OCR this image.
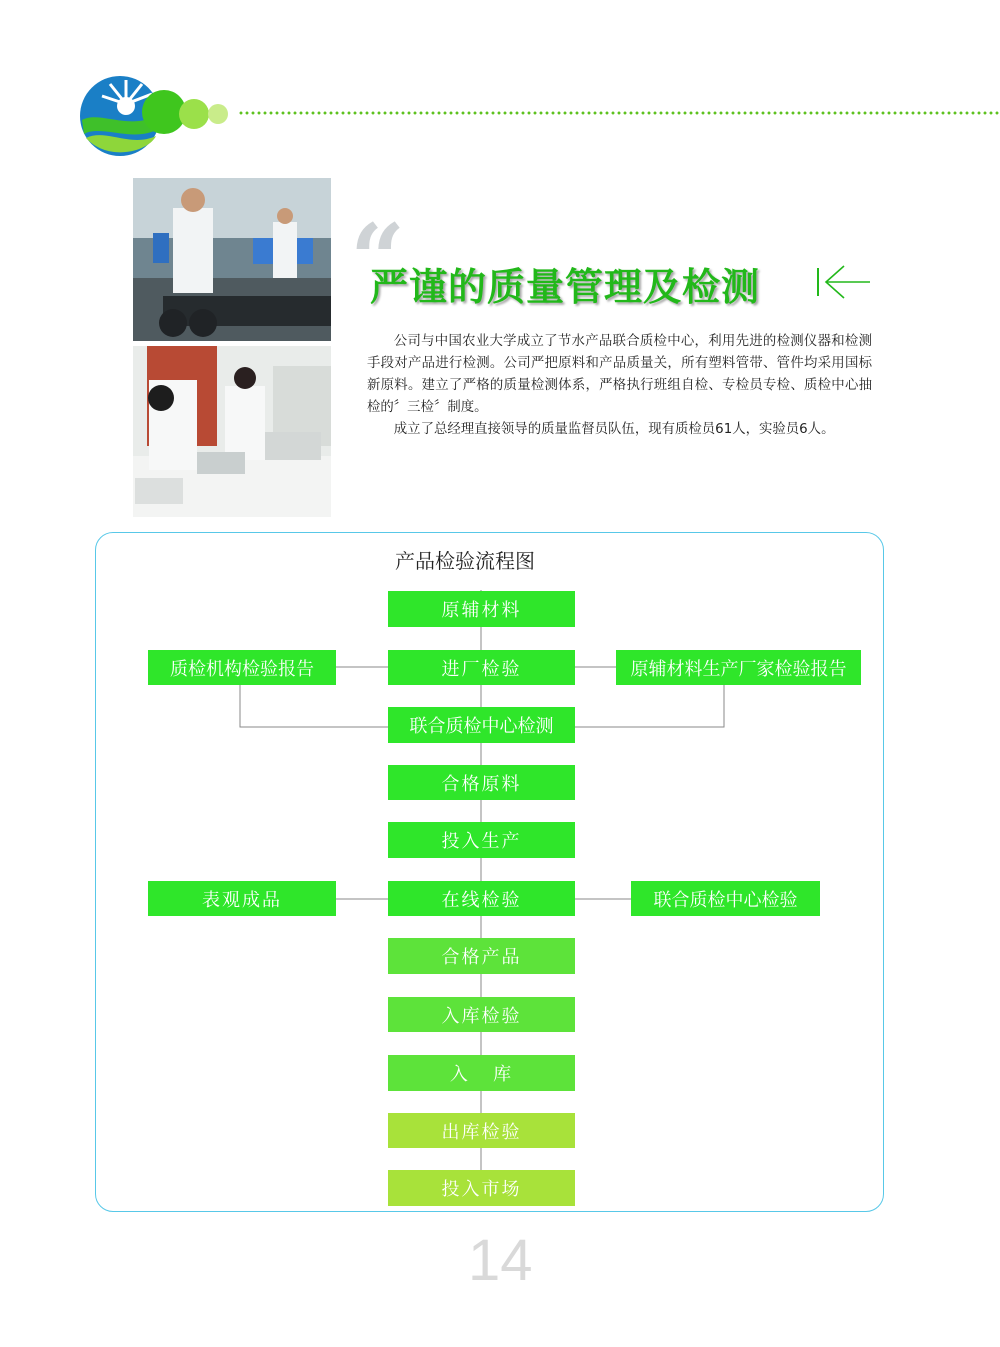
“
严谨的质量管理及检测

公司与中国农业大学成立了节水产品联合质检中心，利用先进的检测仪器和检测手段对产品进行检测。公司严把原料和产品质量关，所有塑料管带、管件均采用国标新原料。建立了严格的质量检测体系，严格执行班组自检、专检员专检、质检中心抽检的〞三检〞制度。

成立了总经理直接领导的质量监督员队伍，现有质检员61人，实验员6人。

产品检验流程图
原辅材料
进厂检验
联合质检中心检测
合格原料
投入生产
在线检验
合格产品
入库检验
入   库
出库检验
投入市场
质检机构检验报告	原辅材料生产厂家检验报告
表观成品	联合质检中心检验
14
